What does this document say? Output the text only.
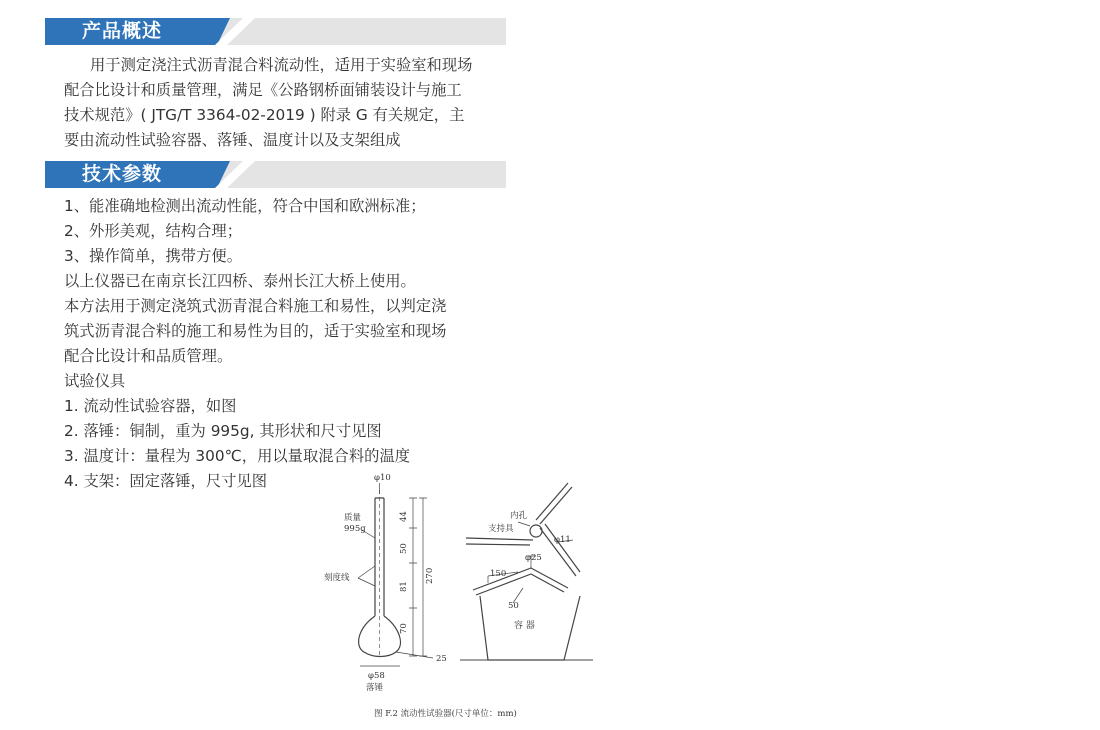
产品概述
用于测定浇注式沥青混合料流动性，适用于实验室和现场
配合比设计和质量管理，满足《公路钢桥面铺装设计与施工
技术规范》( JTG/T 3364-02-2019 ) 附录 G 有关规定，主
要由流动性试验容器、落锤、温度计以及支架组成
技术参数
1、能准确地检测出流动性能，符合中国和欧洲标准；
2、外形美观，结构合理；
3、操作简单，携带方便。
以上仪器已在南京长江四桥、泰州长江大桥上使用。
本方法用于测定浇筑式沥青混合料施工和易性，以判定浇
筑式沥青混合料的施工和易性为目的，适于实验室和现场
配合比设计和品质管理。
试验仪具
1. 流动性试验容器，如图
2. 落锤：铜制，重为 995g, 其形状和尺寸见图
3. 温度计：量程为 300℃，用以量取混合料的温度
4. 支架：固定落锤，尺寸见图	φ10
质量
995g
44
50
81
270
70
刻度线
25
φ58
落锤
内孔
支持具
φ11
φ25
150
50
容 器
图 F.2 流动性试验器(尺寸单位：mm)
